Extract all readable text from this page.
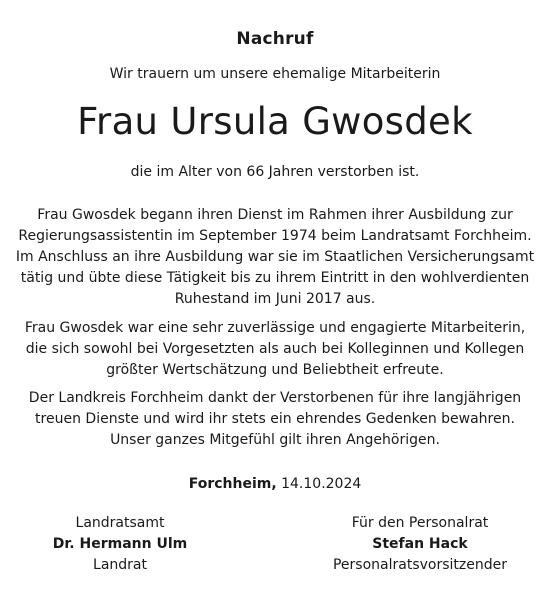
Nachruf
Wir trauern um unsere ehemalige Mitarbeiterin
Frau Ursula Gwosdek
die im Alter von 66 Jahren verstorben ist.

Frau Gwosdek begann ihren Dienst im Rahmen ihrer Ausbildung zur

Regierungsassistentin im September 1974 beim Landratsamt Forchheim.

Im Anschluss an ihre Ausbildung war sie im Staatlichen Versicherungsamt

tätig und übte diese Tätigkeit bis zu ihrem Eintritt in den wohlverdienten

Ruhestand im Juni 2017 aus.

Frau Gwosdek war eine sehr zuverlässige und engagierte Mitarbeiterin,

die sich sowohl bei Vorgesetzten als auch bei Kolleginnen und Kollegen

größter Wertschätzung und Beliebtheit erfreute.

Der Landkreis Forchheim dankt der Verstorbenen für ihre langjährigen

treuen Dienste und wird ihr stets ein ehrendes Gedenken bewahren.

Unser ganzes Mitgefühl gilt ihren Angehörigen.

Forchheim, 14.10.2024
Landratsamt
Dr. Hermann Ulm
Landrat
Für den Personalrat
Stefan Hack
Personalratsvorsitzender
